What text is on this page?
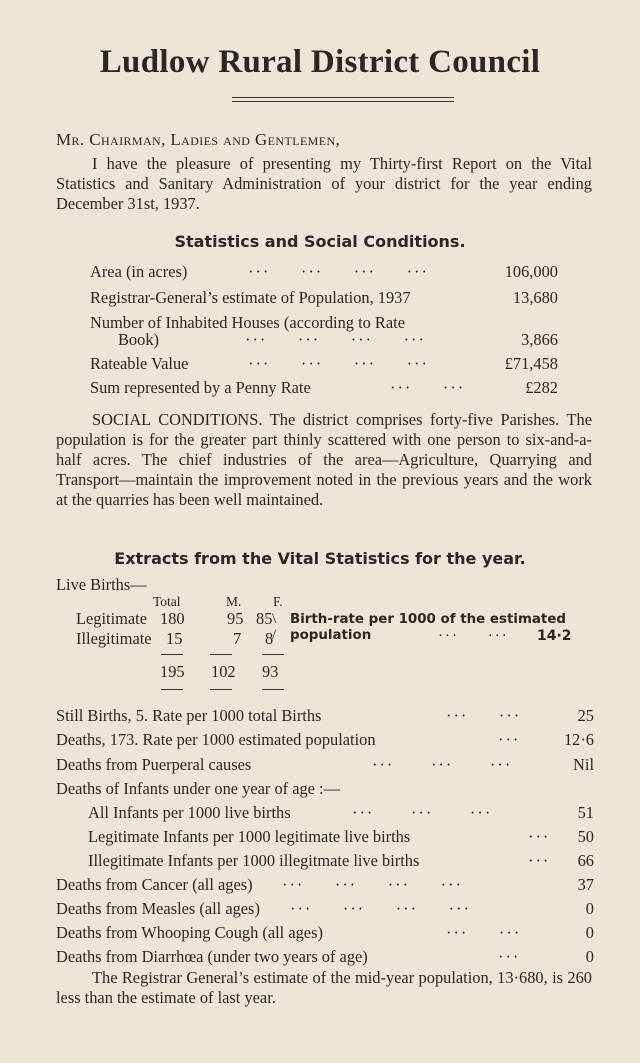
Ludlow Rural District Council

Mr. Chairman, Ladies and Gentlemen,

I have the pleasure of presenting my Thirty-first Report on the Vital Statistics and Sanitary Administration of your district for the year ending December 31st, 1937.

Statistics and Social Conditions.
Area (in acres)	···     ···     ···     ···	106,000
Registrar-General’s estimate of Population, 1937	13,680
Number of Inhabited Houses (according to Rate
Book)	···     ···     ···     ···	3,866
Rateable Value	···     ···     ···     ···	£71,458
Sum represented by a Penny Rate	···     ···	£282

SOCIAL CONDITIONS. The district comprises forty-five Parishes. The population is for the greater part thinly scattered with one person to six-and-a-half acres. The chief industries of the area—Agriculture, Quarrying and Transport—maintain the improvement noted in the previous years and the work at the quarries has been well maintained.

Extracts from the Vital Statistics for the year.
Live Births—
Total	M. F.
Legitimate 180	95 85
Illegitimate 15	7 8
\
/
Birth-rate per 1000 of the estimated
population	···     ··· 14·2
195 102 93
Still Births, 5. Rate per 1000 total Births	···     ···	25
Deaths, 173. Rate per 1000 estimated population	···	12·6
Deaths from Puerperal causes	···      ···      ···	Nil
Deaths of Infants under one year of age :—
All Infants per 1000 live births	···      ···      ···	51
Legitimate Infants per 1000 legitimate live births	··· 50
Illegitimate Infants per 1000 illegitmate live births	··· 66
Deaths from Cancer (all ages) ···     ···     ···     ···	37
Deaths from Measles (all ages) ···     ···     ···     ···	0
Deaths from Whooping Cough (all ages)	···     ···	0
Deaths from Diarrhœa (under two years of age)	···	0

The Registrar General’s estimate of the mid-year population, 13·680, is 260 less than the estimate of last year.
